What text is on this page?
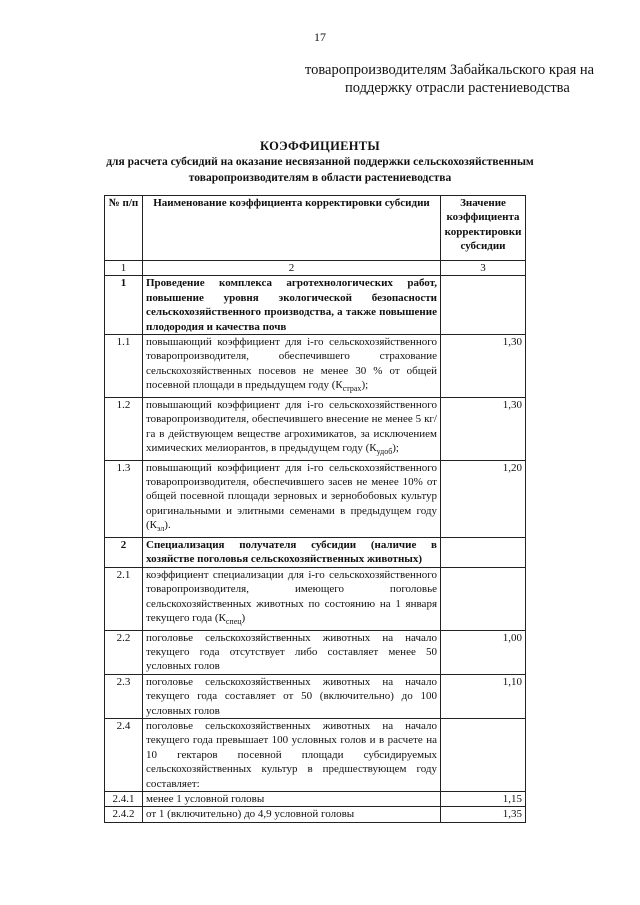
17
товаропроизводителям Забайкальского края на
поддержку отрасли растениеводства
КОЭФФИЦИЕНТЫ
для расчета субсидий на оказание несвязанной поддержки сельскохозяйственным
товаропроизводителям в области растениеводства
№ п/п	Наименование коэффициента корректировки субсидии	Значение коэффициента корректировки субсидии
1	2	3
1	Проведение комплекса агротехнологических работ, повышение уровня экологической безопасности сельскохозяйственного производства, а также повышение плодородия и качества почв	
1.1	повышающий коэффициент для i-го сельскохозяйственного товаропроизводителя, обеспечившего страхование сельскохозяйственных посевов не менее 30 % от общей посевной площади в предыдущем году $(К_{страх})$;	1,30
1.2	повышающий коэффициент для i-го сельскохозяйственного товаропроизводителя, обеспечившего внесение не менее 5 кг/га в действующем веществе агрохимикатов, за исключением химических мелиорантов, в предыдущем году $(К_{удоб})$;	1,30
1.3	повышающий коэффициент для i-го сельскохозяйственного товаропроизводителя, обеспечившего засев не менее 10% от общей посевной площади зерновых и зернобобовых культур оригинальными и элитными семенами в предыдущем году $(К_{эл})$.	1,20
2	Специализация получателя субсидии (наличие в хозяйстве поголовья сельскохозяйственных животных)	
2.1	коэффициент специализации для i-го сельскохозяйственного товаропроизводителя, имеющего поголовье сельскохозяйственных животных по состоянию на 1 января текущего года $(К_{спец})$	
2.2	поголовье сельскохозяйственных животных на начало текущего года отсутствует либо составляет менее 50 условных голов	1,00
2.3	поголовье сельскохозяйственных животных на начало текущего года составляет от 50 (включительно) до 100 условных голов	1,10
2.4	поголовье сельскохозяйственных животных на начало текущего года превышает 100 условных голов и в расчете на 10 гектаров посевной площади субсидируемых сельскохозяйственных культур в предшествующем году составляет:	
2.4.1	менее 1 условной головы	1,15
2.4.2	от 1 (включительно) до 4,9 условной головы	1,35
